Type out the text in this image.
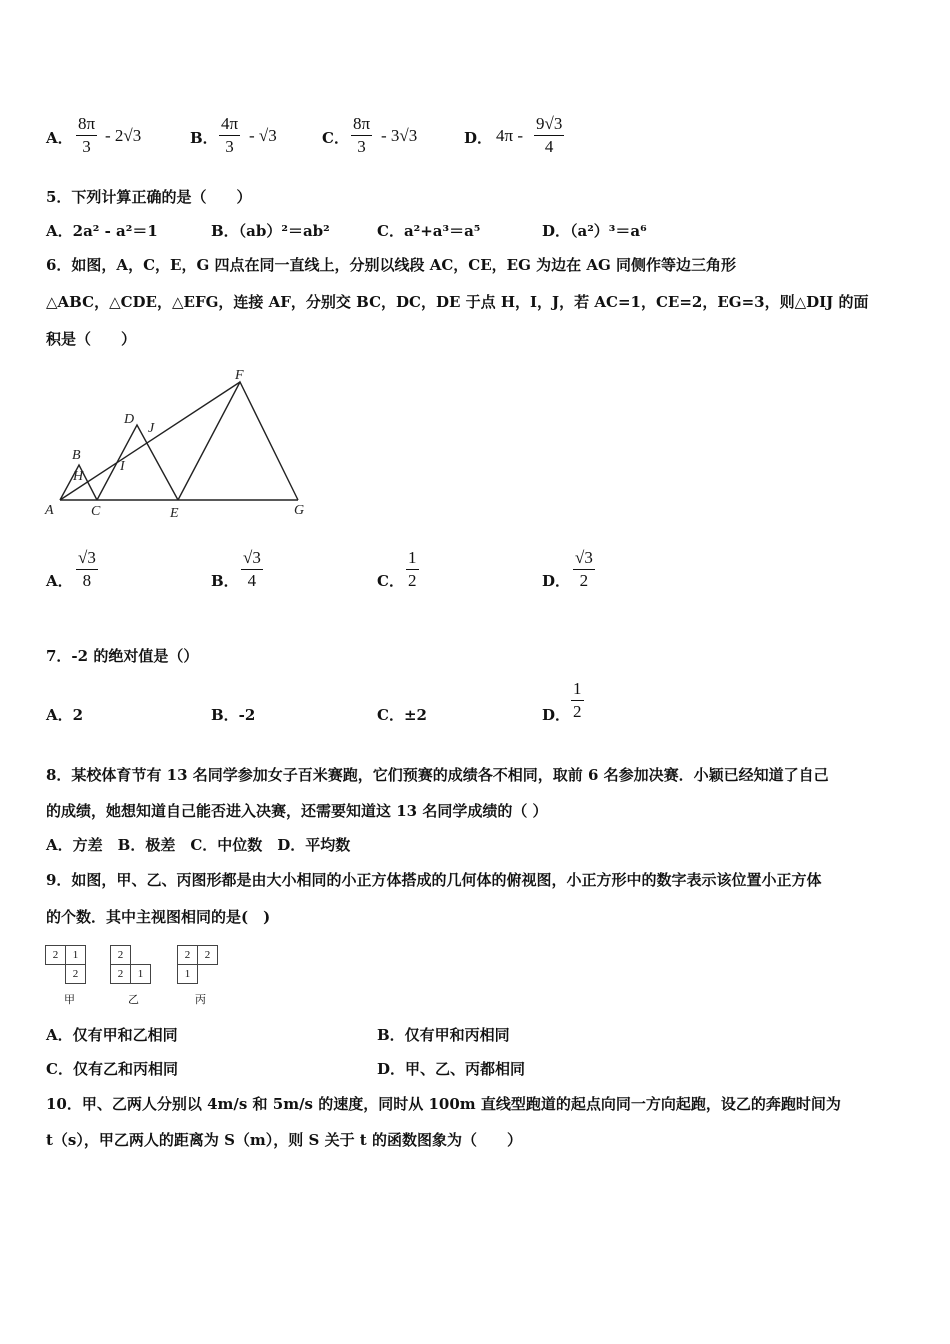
A． $\frac{8\pi}{3} - 2√3$	B． $\frac{4\pi}{3} - √3$	C． $\frac{8\pi}{3} - 3√3$	D． $4\pi - \frac{9√3}{4}$
5．下列计算正确的是（　　）
A．2a² - a²＝1	B．（ab）²＝ab²	C．a²+a³＝a⁵	D．（a²）³＝a⁶
6．如图，A，C，E，G 四点在同一直线上，分别以线段 AC，CE，EG 为边在 AG 同侧作等边三角形
△ABC，△CDE，△EFG，连接 AF，分别交 BC，DC，DE 于点 H，I，J，若 AC=1，CE=2，EG=3，则△DIJ 的面
积是（　　）
F
D
J
B
H
I
A	C	E	G
A． $\frac{√3}{8}$	B． $\frac{√3}{4}$	C． $\frac{1}{2}$	D． $\frac{√3}{2}$
7．-2 的绝对值是（）
A．2	B．-2	C．±2	D． $\frac{1}{2}$
8．某校体育节有 13 名同学参加女子百米赛跑，它们预赛的成绩各不相同，取前 6 名参加决赛．小颖已经知道了自己
的成绩，她想知道自己能否进入决赛，还需要知道这 13 名同学成绩的（ ）
A．方差　B．极差　C．中位数　D．平均数
9．如图，甲、乙、丙图形都是由大小相同的小正方体搭成的几何体的俯视图，小正方形中的数字表示该位置小正方体
的个数．其中主视图相同的是(　)
2	1
	2
甲
2	
2	1
乙
2	2
1	
丙
A．仅有甲和乙相同	B．仅有甲和丙相同
C．仅有乙和丙相同	D．甲、乙、丙都相同
10．甲、乙两人分别以 4m/s 和 5m/s 的速度，同时从 100m 直线型跑道的起点向同一方向起跑，设乙的奔跑时间为
t（s），甲乙两人的距离为 S（m），则 S 关于 t 的函数图象为（　　）
